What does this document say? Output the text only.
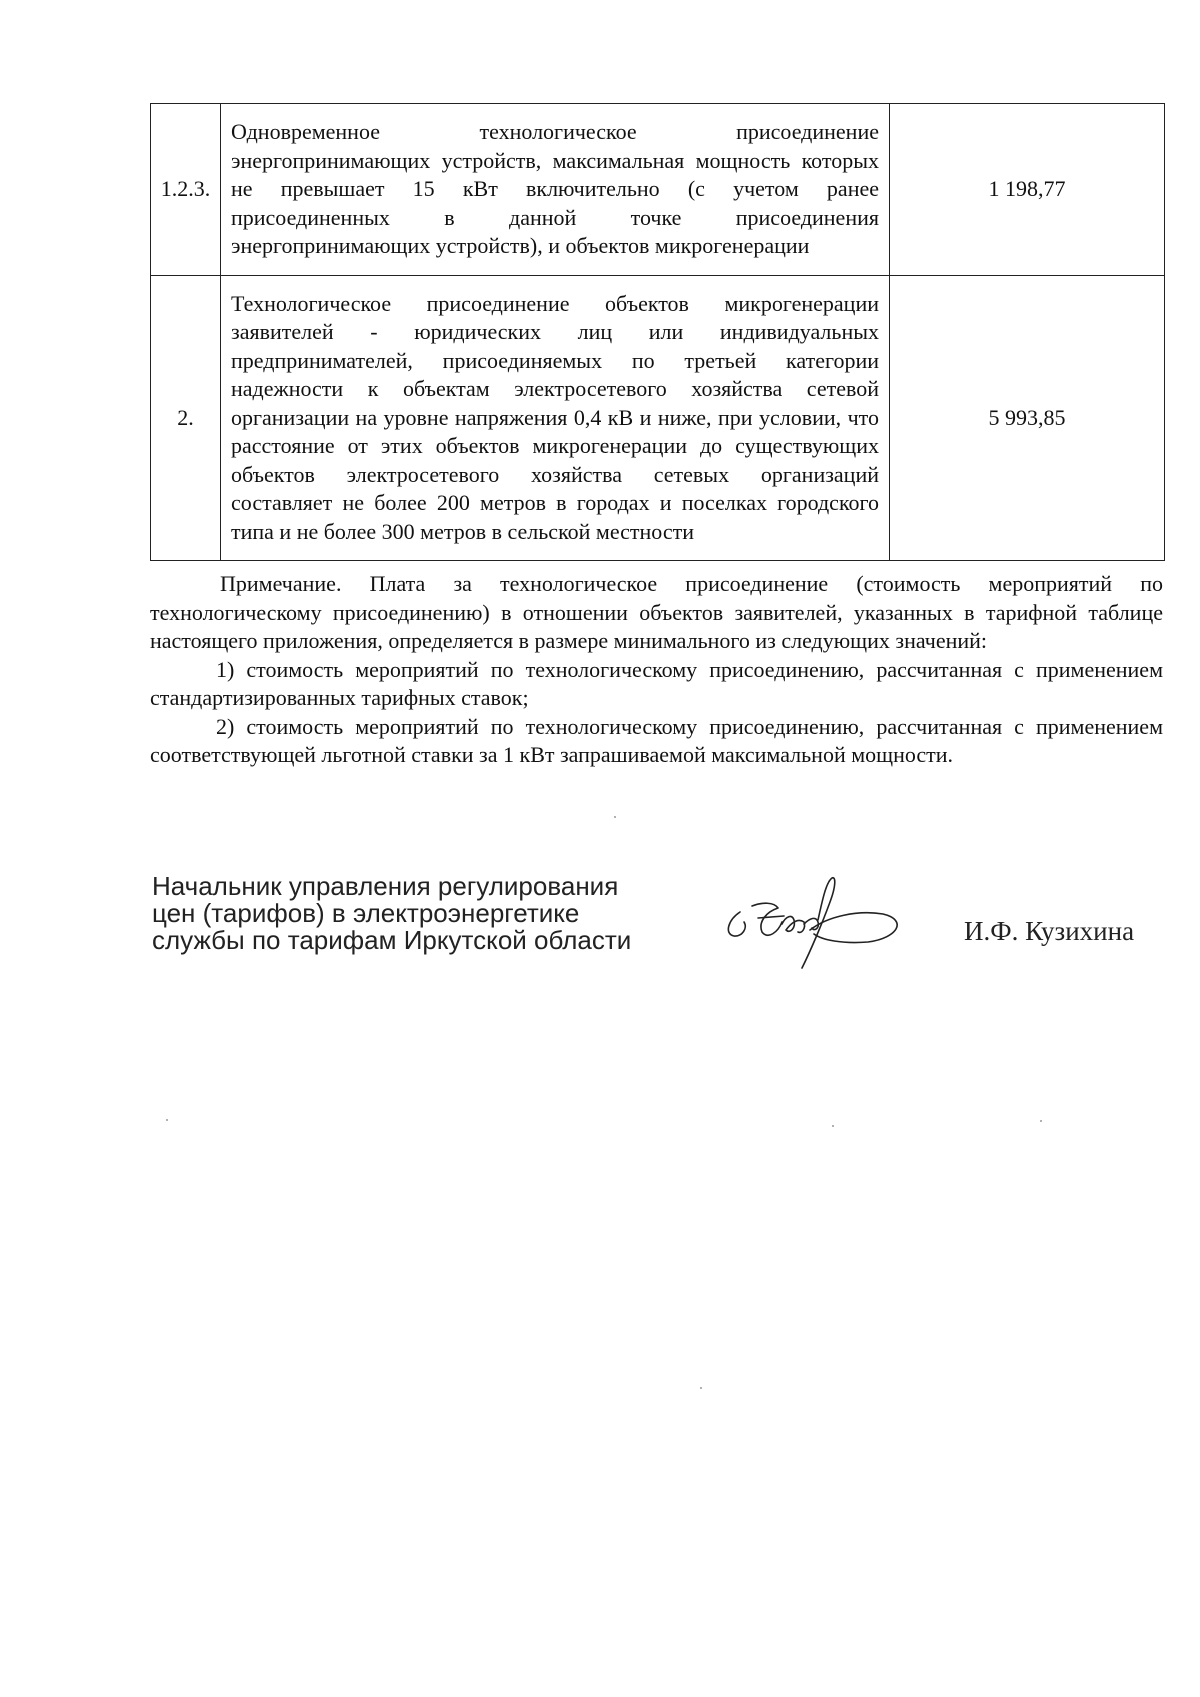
1.2.3.	Одновременное технологическое присоединение энергопринимающих устройств, максимальная мощность которых не превышает 15 кВт включительно (с учетом ранее присоединенных в данной точке присоединения энергопринимающих устройств), и объектов микрогенерации	1 198,77
2.	Технологическое присоединение объектов микрогенерации заявителей - юридических лиц или индивидуальных предпринимателей, присоединяемых по третьей категории надежности к объектам электросетевого хозяйства сетевой организации на уровне напряжения 0,4 кВ и ниже, при условии, что расстояние от этих объектов микрогенерации до существующих объектов электросетевого хозяйства сетевых организаций составляет не более 200 метров в городах и поселках городского типа и не более 300 метров в сельской местности	5 993,85

Примечание. Плата за технологическое присоединение (стоимость мероприятий по технологическому присоединению) в отношении объектов заявителей, указанных в тарифной таблице настоящего приложения, определяется в размере минимального из следующих значений:

1) стоимость мероприятий по технологическому присоединению, рассчитанная с применением стандартизированных тарифных ставок;

2) стоимость мероприятий по технологическому присоединению, рассчитанная с применением соответствующей льготной ставки за 1 кВт запрашиваемой максимальной мощности.

Начальник управления регулирования
цен (тарифов) в электроэнергетике
службы по тарифам Иркутской области	И.Ф. Кузихина
